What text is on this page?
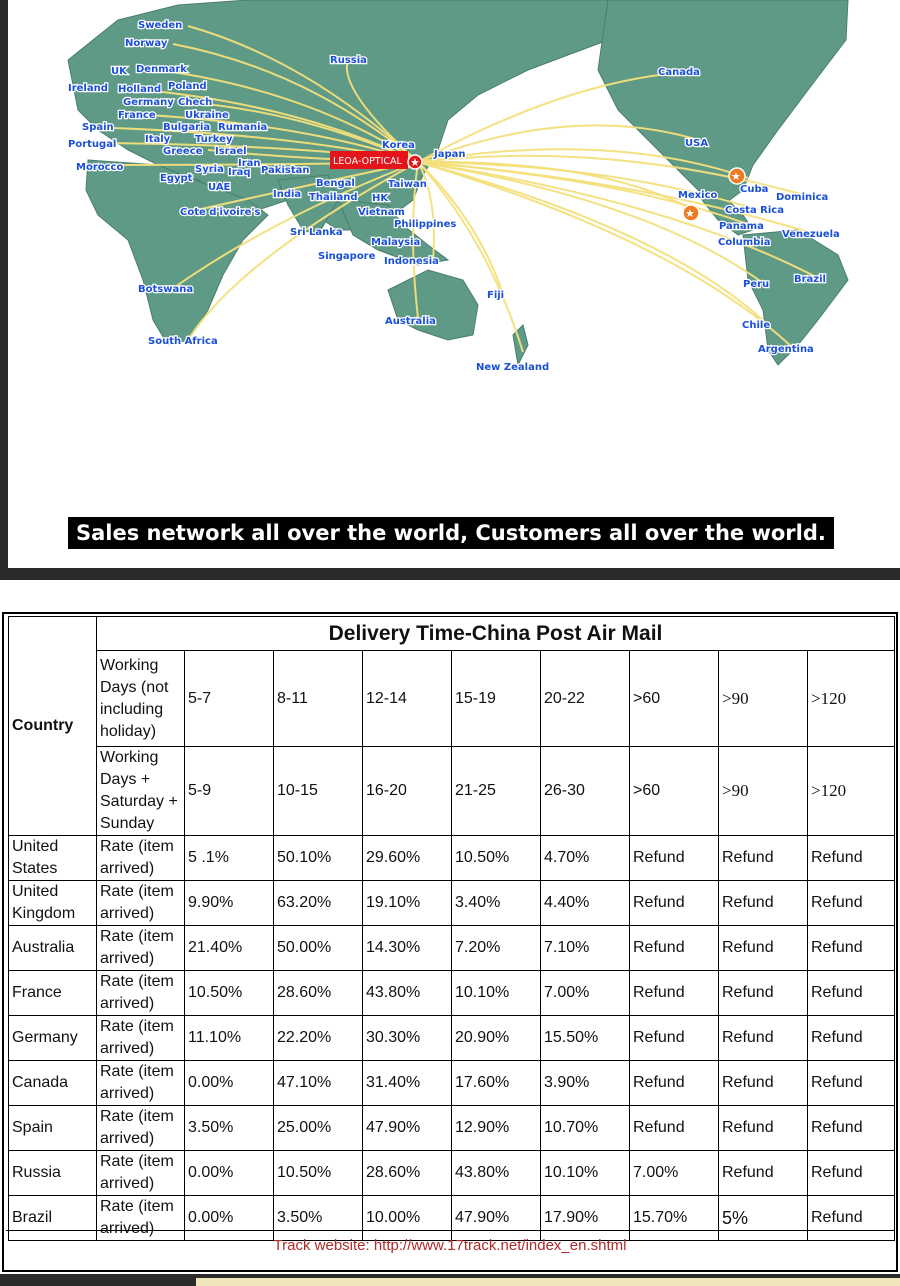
Sweden
Norway
Russia
UK Denmark
Ireland Holland Poland
Germany Chech
France	Ukraine
Spain	Bulgaria Rumania
Portugal	Italy Turkey
Greece Israel
Korea
Iran
Japan
Morocco	Syria Iraq Pakistan
Egypt
UAE	Bengal	Taiwan
India Thailand HK
Vietnam
Cote d'ivoire's
Philippines
Sri Lanka
Malaysia
Singapore Indonesia
Botswana
Fiji
Australia
South Africa
New Zealand
Canada
USA
Cuba
Mexico	Dominica
Costa Rica
Panama
Venezuela
Columbia
Brazil
Peru
Chile
Argentina
LEOA-OPTICAL ★
★
★
Sales network all over the world, Customers all over the world.
Country	Delivery Time-China Post Air Mail								
	Working Days (not including holiday)	5-7	8-11	12-14	15-19	20-22	>60	>90	>120
	Working Days + Saturday + Sunday	5-9	10-15	16-20	21-25	26-30	>60	>90	>120
United States	Rate (item arrived)	5 .1%	50.10%	29.60%	10.50%	4.70%	Refund	Refund	Refund
United Kingdom	Rate (item arrived)	9.90%	63.20%	19.10%	3.40%	4.40%	Refund	Refund	Refund
Australia	Rate (item arrived)	21.40%	50.00%	14.30%	7.20%	7.10%	Refund	Refund	Refund
France	Rate (item arrived)	10.50%	28.60%	43.80%	10.10%	7.00%	Refund	Refund	Refund
Germany	Rate (item arrived)	11.10%	22.20%	30.30%	20.90%	15.50%	Refund	Refund	Refund
Canada	Rate (item arrived)	0.00%	47.10%	31.40%	17.60%	3.90%	Refund	Refund	Refund
Spain	Rate (item arrived)	3.50%	25.00%	47.90%	12.90%	10.70%	Refund	Refund	Refund
Russia	Rate (item arrived)	0.00%	10.50%	28.60%	43.80%	10.10%	7.00%	Refund	Refund
Brazil	Rate (item arrived)	0.00%	3.50%	10.00%	47.90%	17.90%	15.70%	5%	Refund
Track website: http://www.17track.net/index_en.shtml
